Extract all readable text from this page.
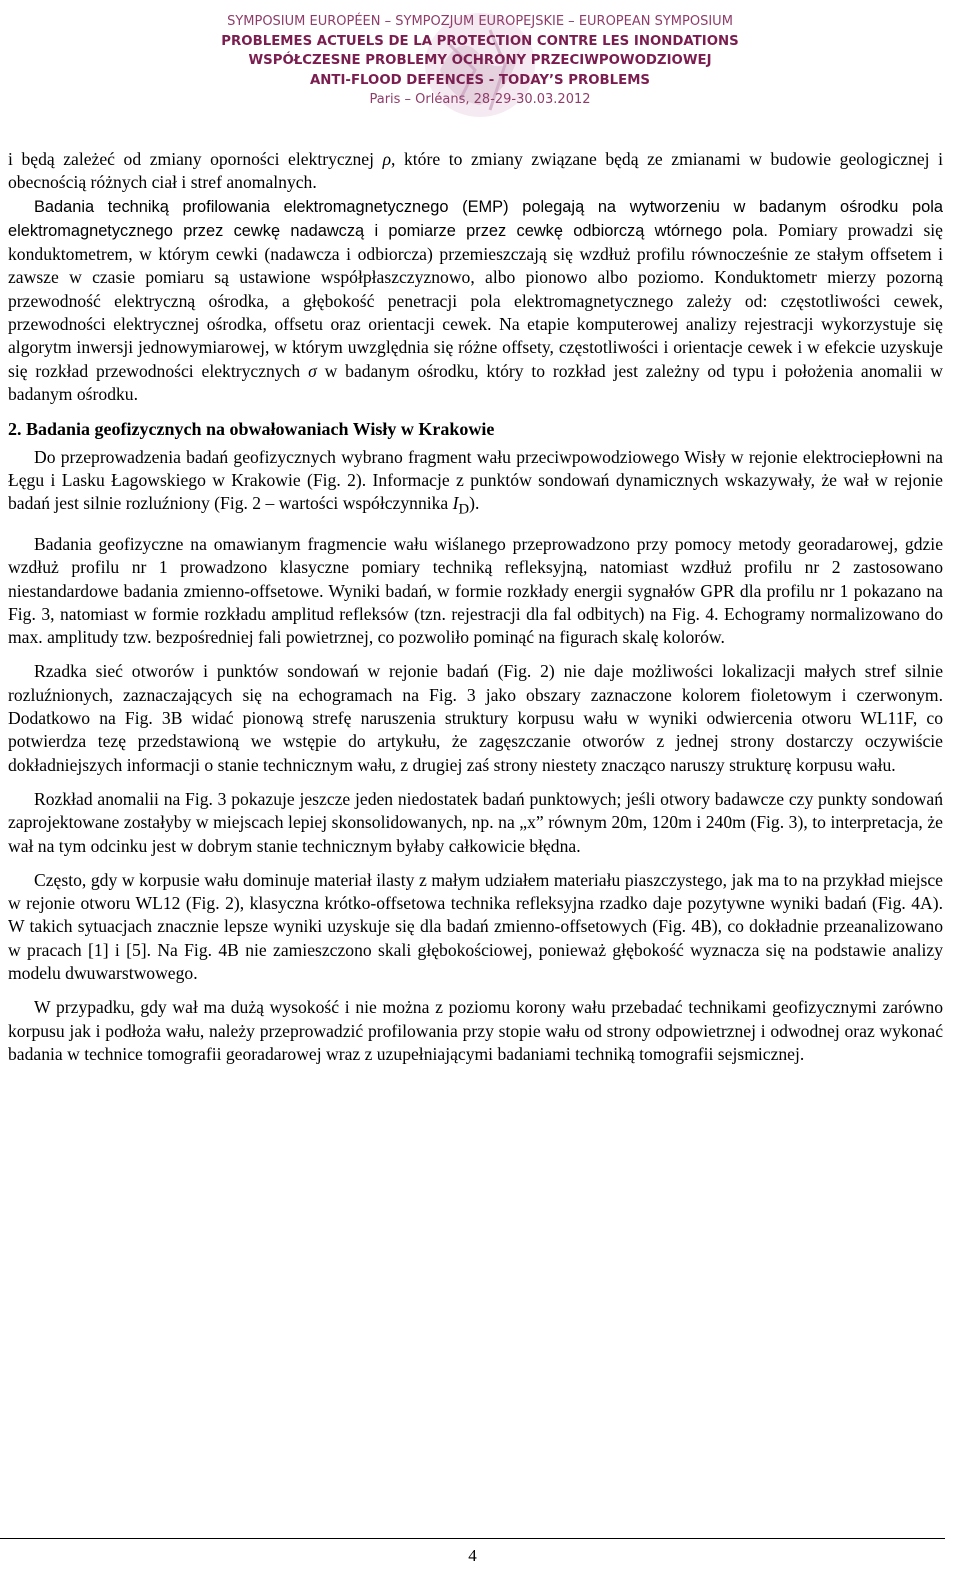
SYMPOSIUM EUROPÉEN – SYMPOZJUM EUROPEJSKIE – EUROPEAN SYMPOSIUM
PROBLEMES ACTUELS DE LA PROTECTION CONTRE LES INONDATIONS
WSPÓŁCZESNE PROBLEMY OCHRONY PRZECIWPOWODZIOWEJ
ANTI-FLOOD DEFENCES - TODAY’S PROBLEMS
Paris – Orléans, 28-29-30.03.2012

i będą zależeć od zmiany oporności elektrycznej ρ, które to zmiany związane będą ze zmianami w budowie geologicznej i obecnością różnych ciał i stref anomalnych.

Badania techniką profilowania elektromagnetycznego (EMP) polegają na wytworzeniu w badanym ośrodku pola elektromagnetycznego przez cewkę nadawczą i pomiarze przez cewkę odbiorczą wtórnego pola. Pomiary prowadzi się konduktometrem, w którym cewki (nadawcza i odbiorcza) przemieszczają się wzdłuż profilu równocześnie ze stałym offsetem i zawsze w czasie pomiaru są ustawione współpłaszczyznowo, albo pionowo albo poziomo. Konduktometr mierzy pozorną przewodność elektryczną ośrodka, a głębokość penetracji pola elektromagnetycznego zależy od: częstotliwości cewek, przewodności elektrycznej ośrodka, offsetu oraz orientacji cewek. Na etapie komputerowej analizy rejestracji wykorzystuje się algorytm inwersji jednowymiarowej, w którym uwzględnia się różne offsety, częstotliwości i orientacje cewek i w efekcie uzyskuje się rozkład przewodności elektrycznych σ w badanym ośrodku, który to rozkład jest zależny od typu i położenia anomalii w badanym ośrodku.

2. Badania geofizycznych na obwałowaniach Wisły w Krakowie

Do przeprowadzenia badań geofizycznych wybrano fragment wału przeciwpowodziowego Wisły w rejonie elektrociepłowni na Łęgu i Lasku Łagowskiego w Krakowie (Fig. 2). Informacje z punktów sondowań dynamicznych wskazywały, że wał w rejonie badań jest silnie rozluźniony (Fig. 2 – wartości współczynnika $I_D$).

Badania geofizyczne na omawianym fragmencie wału wiślanego przeprowadzono przy pomocy metody georadarowej, gdzie wzdłuż profilu nr 1 prowadzono klasyczne pomiary techniką refleksyjną, natomiast wzdłuż profilu nr 2 zastosowano niestandardowe badania zmienno-offsetowe. Wyniki badań, w formie rozkłady energii sygnałów GPR dla profilu nr 1 pokazano na Fig. 3, natomiast w formie rozkładu amplitud refleksów (tzn. rejestracji dla fal odbitych) na Fig. 4. Echogramy normalizowano do max. amplitudy tzw. bezpośredniej fali powietrznej, co pozwoliło pominąć na figurach skalę kolorów.

Rzadka sieć otworów i punktów sondowań w rejonie badań (Fig. 2) nie daje możliwości lokalizacji małych stref silnie rozluźnionych, zaznaczających się na echogramach na Fig. 3 jako obszary zaznaczone kolorem fioletowym i czerwonym. Dodatkowo na Fig. 3B widać pionową strefę naruszenia struktury korpusu wału w wyniki odwiercenia otworu WL11F, co potwierdza tezę przedstawioną we wstępie do artykułu, że zagęszczanie otworów z jednej strony dostarczy oczywiście dokładniejszych informacji o stanie technicznym wału, z drugiej zaś strony niestety znacząco naruszy strukturę korpusu wału.

Rozkład anomalii na Fig. 3 pokazuje jeszcze jeden niedostatek badań punktowych; jeśli otwory badawcze czy punkty sondowań zaprojektowane zostałyby w miejscach lepiej skonsolidowanych, np. na „x” równym 20m, 120m i 240m (Fig. 3), to interpretacja, że wał na tym odcinku jest w dobrym stanie technicznym byłaby całkowicie błędna.

Często, gdy w korpusie wału dominuje materiał ilasty z małym udziałem materiału piaszczystego, jak ma to na przykład miejsce w rejonie otworu WL12 (Fig. 2), klasyczna krótko-offsetowa technika refleksyjna rzadko daje pozytywne wyniki badań (Fig. 4A). W takich sytuacjach znacznie lepsze wyniki uzyskuje się dla badań zmienno-offsetowych (Fig. 4B), co dokładnie przeanalizowano w pracach [1] i [5]. Na Fig. 4B nie zamieszczono skali głębokościowej, ponieważ głębokość wyznacza się na podstawie analizy modelu dwuwarstwowego.

W przypadku, gdy wał ma dużą wysokość i nie można z poziomu korony wału przebadać technikami geofizycznymi zarówno korpusu jak i podłoża wału, należy przeprowadzić profilowania przy stopie wału od strony odpowietrznej i odwodnej oraz wykonać badania w technice tomografii georadarowej wraz z uzupełniającymi badaniami techniką tomografii sejsmicznej.

4
